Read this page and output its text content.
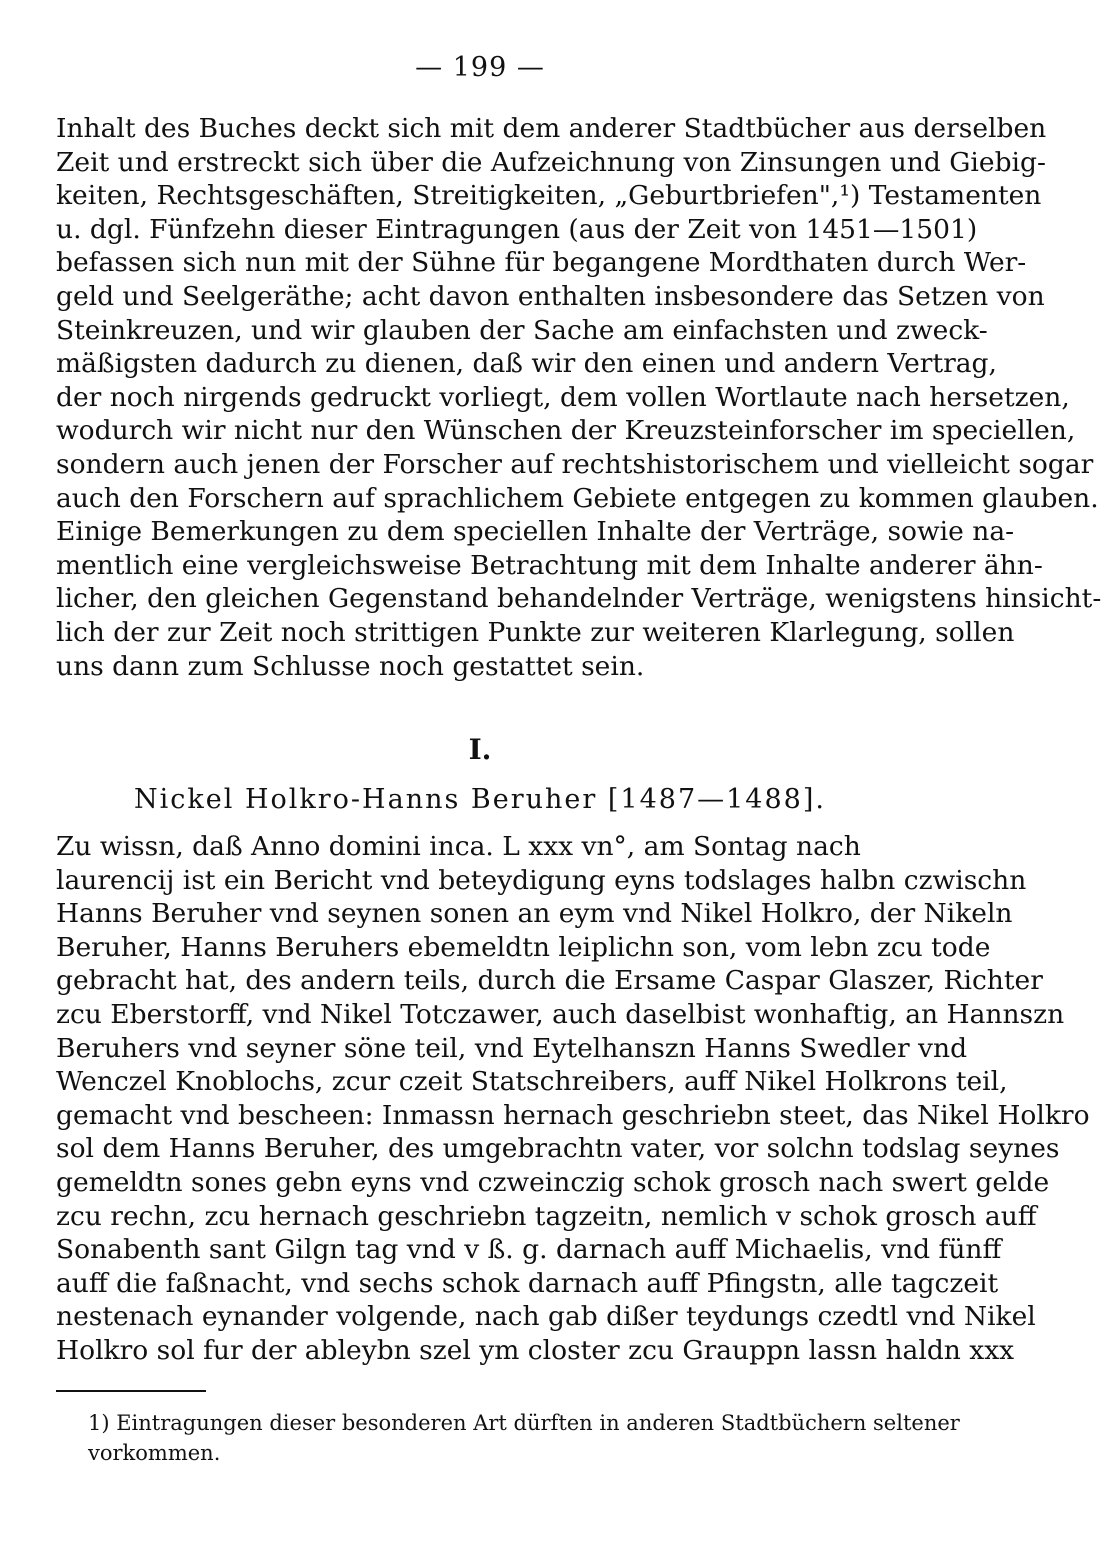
— 199 —
Inhalt des Buches deckt sich mit dem anderer Stadtbücher aus derselben
Zeit und erstreckt sich über die Aufzeichnung von Zinsungen und Giebig-
keiten, Rechtsgeschäften, Streitigkeiten, „Geburtbriefen",¹) Testamenten
u. dgl. Fünfzehn dieser Eintragungen (aus der Zeit von 1451—1501)
befassen sich nun mit der Sühne für begangene Mordthaten durch Wer-
geld und Seelgeräthe; acht davon enthalten insbesondere das Setzen von
Steinkreuzen, und wir glauben der Sache am einfachsten und zweck-
mäßigsten dadurch zu dienen, daß wir den einen und andern Vertrag,
der noch nirgends gedruckt vorliegt, dem vollen Wortlaute nach hersetzen,
wodurch wir nicht nur den Wünschen der Kreuzsteinforscher im speciellen,
sondern auch jenen der Forscher auf rechtshistorischem und vielleicht sogar
auch den Forschern auf sprachlichem Gebiete entgegen zu kommen glauben.
Einige Bemerkungen zu dem speciellen Inhalte der Verträge, sowie na-
mentlich eine vergleichsweise Betrachtung mit dem Inhalte anderer ähn-
licher, den gleichen Gegenstand behandelnder Verträge, wenigstens hinsicht-
lich der zur Zeit noch strittigen Punkte zur weiteren Klarlegung, sollen
uns dann zum Schlusse noch gestattet sein.
I.
Nickel Holkro-Hanns Beruher [1487—1488].
Zu wissn, daß Anno domini inca. L xxx vn°, am Sontag nach
laurencij ist ein Bericht vnd beteydigung eyns todslages halbn czwischn
Hanns Beruher vnd seynen sonen an eym vnd Nikel Holkro, der Nikeln
Beruher, Hanns Beruhers ebemeldtn leiplichn son, vom lebn zcu tode
gebracht hat, des andern teils, durch die Ersame Caspar Glaszer, Richter
zcu Eberstorff, vnd Nikel Totczawer, auch daselbist wonhaftig, an Hannszn
Beruhers vnd seyner söne teil, vnd Eytelhanszn Hanns Swedler vnd
Wenczel Knoblochs, zcur czeit Statschreibers, auff Nikel Holkrons teil,
gemacht vnd bescheen: Inmassn hernach geschriebn steet, das Nikel Holkro
sol dem Hanns Beruher, des umgebrachtn vater, vor solchn todslag seynes
gemeldtn sones gebn eyns vnd czweinczig schok grosch nach swert gelde
zcu rechn, zcu hernach geschriebn tagzeitn, nemlich v schok grosch auff
Sonabenth sant Gilgn tag vnd v ß. g. darnach auff Michaelis, vnd fünff
auff die faßnacht, vnd sechs schok darnach auff Pfingstn, alle tagczeit
nestenach eynander volgende, nach gab dißer teydungs czedtl vnd Nikel
Holkro sol fur der ableybn szel ym closter zcu Grauppn lassn haldn xxx
1) Eintragungen dieser besonderen Art dürften in anderen Stadtbüchern seltener
vorkommen.
